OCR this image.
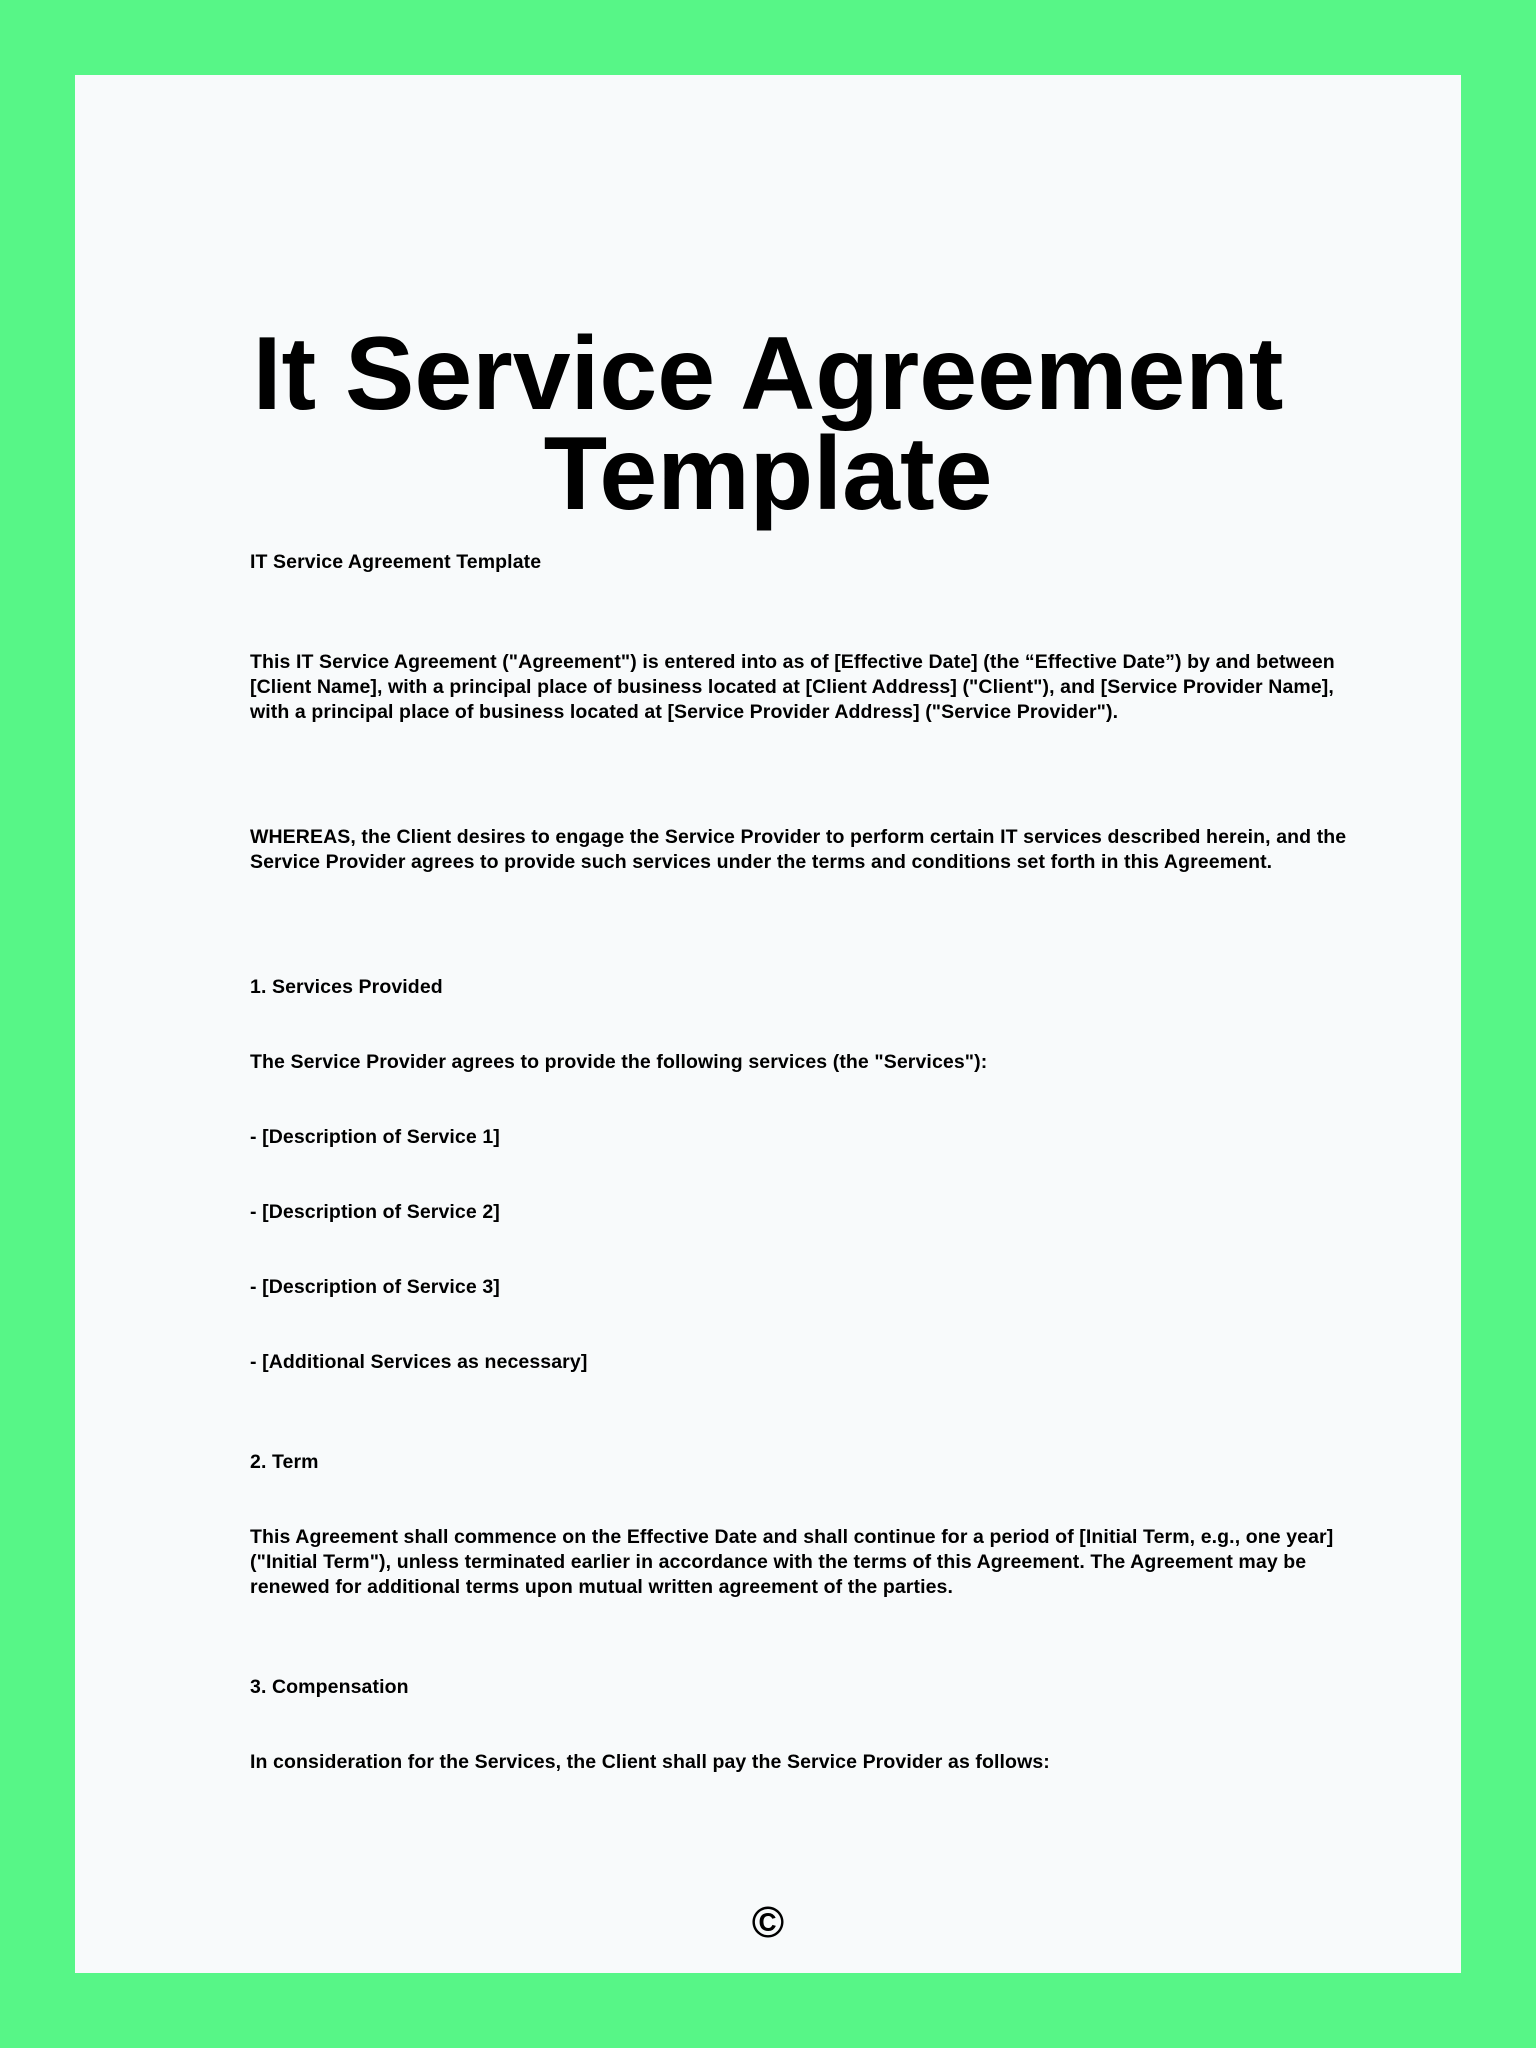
It Service Agreement
Template

IT Service Agreement Template

This IT Service Agreement ("Agreement") is entered into as of [Effective Date] (the “Effective Date”) by and between [Client Name], with a principal place of business located at [Client Address] ("Client"), and [Service Provider Name], with a principal place of business located at [Service Provider Address] ("Service Provider").

WHEREAS, the Client desires to engage the Service Provider to perform certain IT services described herein, and the Service Provider agrees to provide such services under the terms and conditions set forth in this Agreement.

1. Services Provided

The Service Provider agrees to provide the following services (the "Services"):

- [Description of Service 1]

- [Description of Service 2]

- [Description of Service 3]

- [Additional Services as necessary]

2. Term

This Agreement shall commence on the Effective Date and shall continue for a period of [Initial Term, e.g., one year] ("Initial Term"), unless terminated earlier in accordance with the terms of this Agreement. The Agreement may be renewed for additional terms upon mutual written agreement of the parties.

3. Compensation

In consideration for the Services, the Client shall pay the Service Provider as follows:

©
